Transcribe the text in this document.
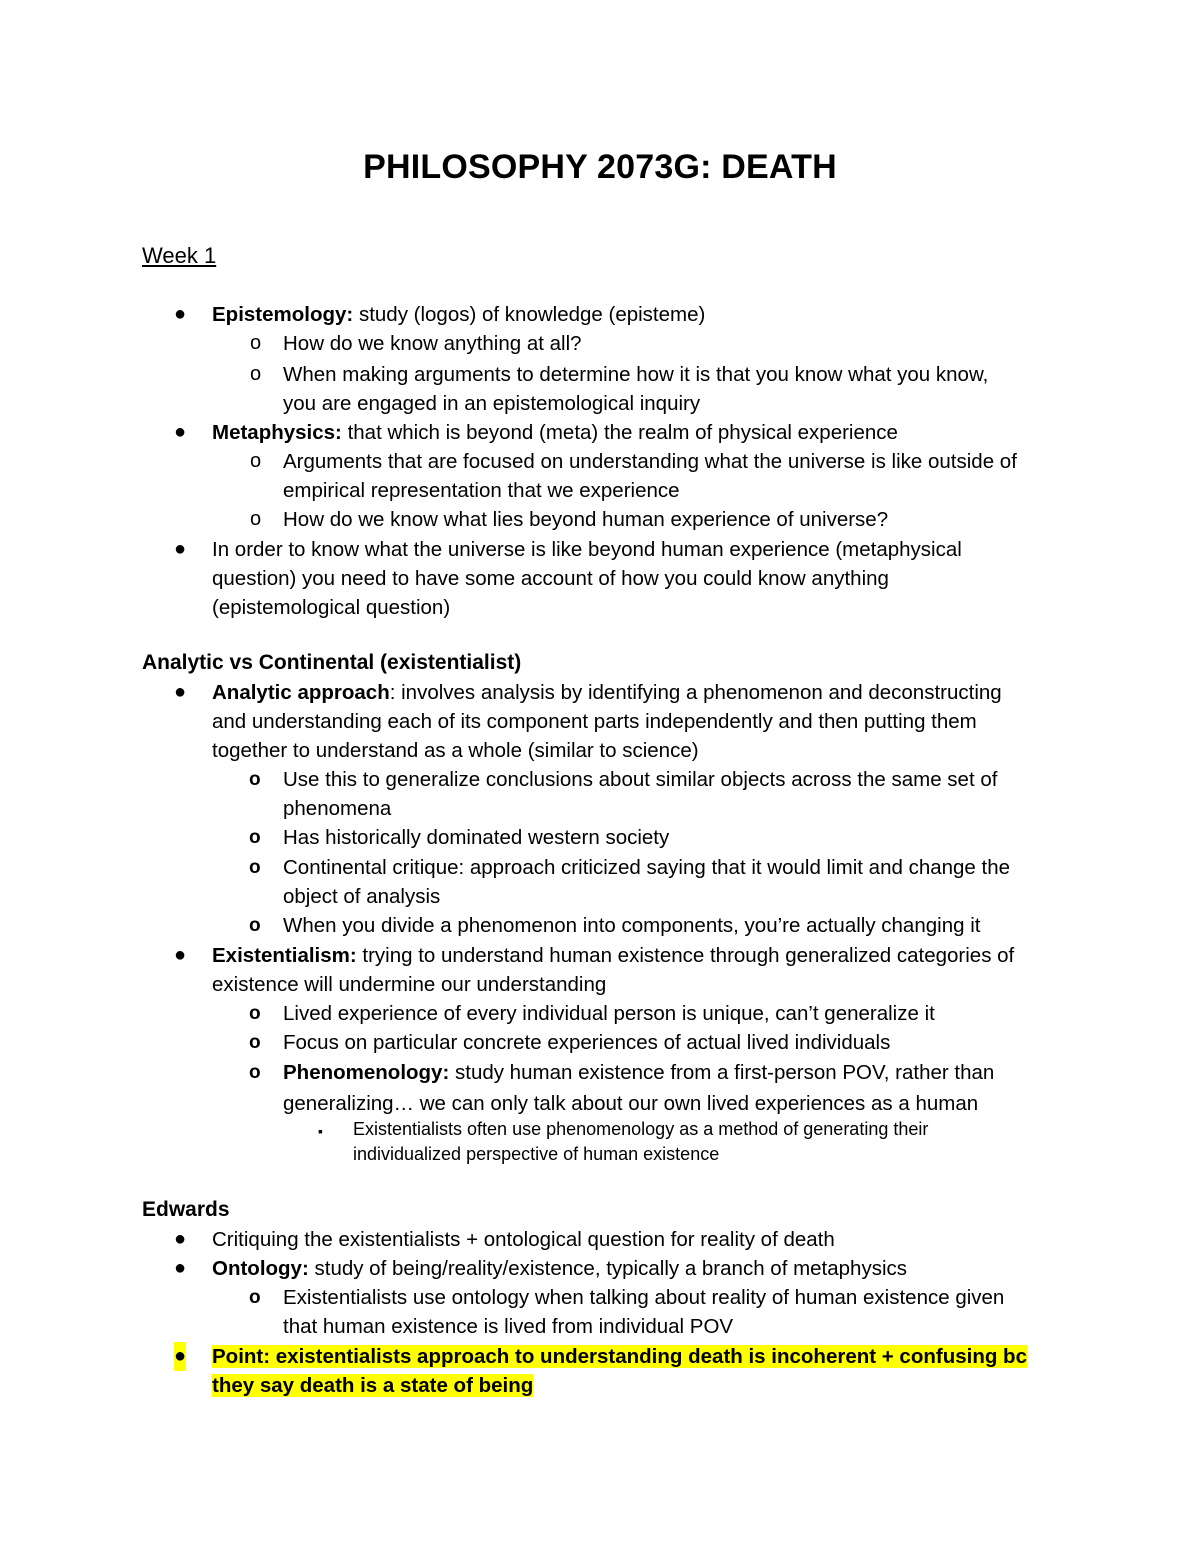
PHILOSOPHY 2073G: DEATH
Week 1
● Epistemology: study (logos) of knowledge (episteme)
o How do we know anything at all?
o When making arguments to determine how it is that you know what you know,
you are engaged in an epistemological inquiry
● Metaphysics: that which is beyond (meta) the realm of physical experience
o Arguments that are focused on understanding what the universe is like outside of
empirical representation that we experience
o How do we know what lies beyond human experience of universe?
● In order to know what the universe is like beyond human experience (metaphysical
question) you need to have some account of how you could know anything
(epistemological question)
Analytic vs Continental (existentialist)
● Analytic approach: involves analysis by identifying a phenomenon and deconstructing
and understanding each of its component parts independently and then putting them
together to understand as a whole (similar to science)
o Use this to generalize conclusions about similar objects across the same set of
phenomena
o Has historically dominated western society
o Continental critique: approach criticized saying that it would limit and change the
object of analysis
o When you divide a phenomenon into components, you’re actually changing it
● Existentialism: trying to understand human existence through generalized categories of
existence will undermine our understanding
o Lived experience of every individual person is unique, can’t generalize it
o Focus on particular concrete experiences of actual lived individuals
o Phenomenology: study human existence from a first-person POV, rather than
generalizing… we can only talk about our own lived experiences as a human
▪ Existentialists often use phenomenology as a method of generating their
individualized perspective of human existence
Edwards
● Critiquing the existentialists + ontological question for reality of death
● Ontology: study of being/reality/existence, typically a branch of metaphysics
o Existentialists use ontology when talking about reality of human existence given
that human existence is lived from individual POV
● Point: existentialists approach to understanding death is incoherent + confusing bc
they say death is a state of being
